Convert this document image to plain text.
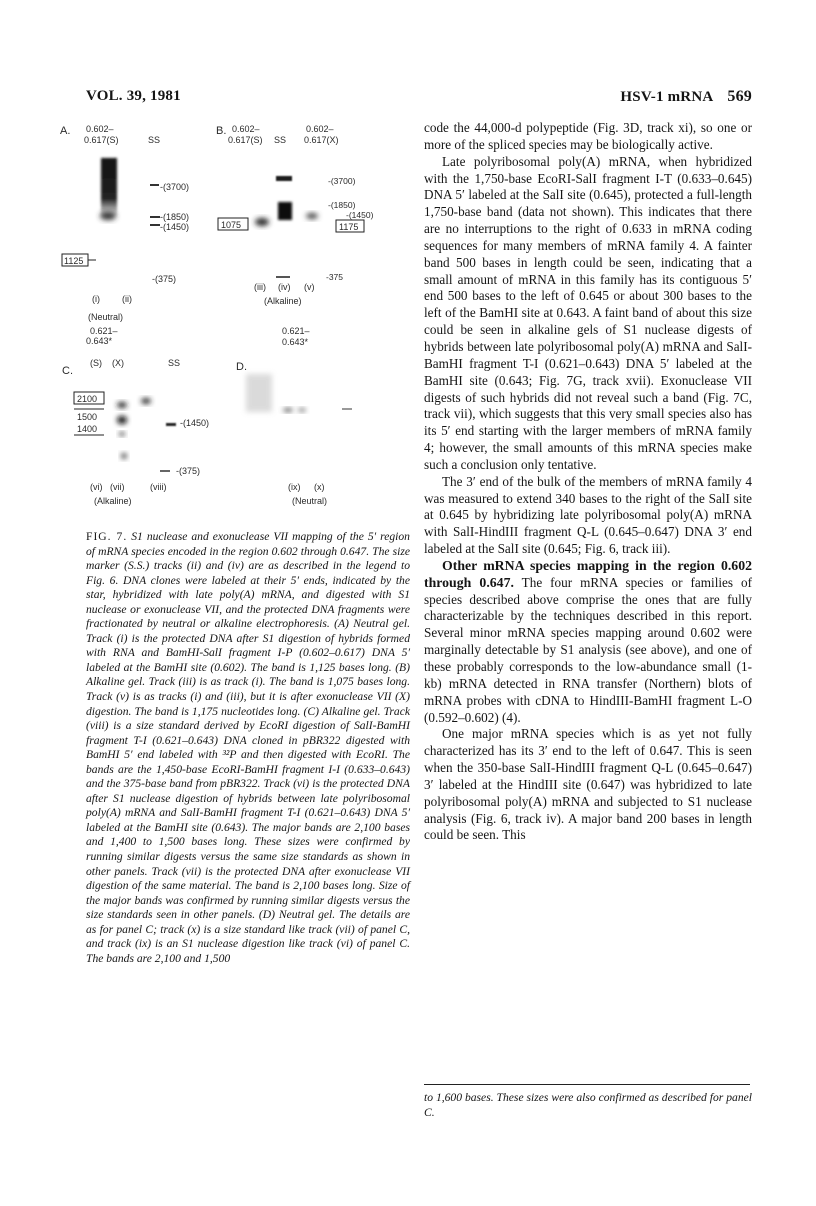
VOL. 39, 1981	HSV-1 mRNA 569
A. 0.602–
0.617(S)	SS
-(3700)
-(1850)
-(1450)
-(375)
1125
(i) (ii)
(Neutral)
B. 0.602–
0.617(S) SS
0.602–
0.617(X)
-(3700)
-(1850)
-(1450)
-375
1075	1175
(iii) (iv) (v)
(Alkaline)
0.621–
0.643*
C.
(S) (X)	SS
2100
1500
1400
-(1450)
-(375)
(vi) (vii)	(viii)
(Alkaline)
0.621–
0.643*
D.
(ix) (x)
(Neutral)

FIG. 7. S1 nuclease and exonuclease VII mapping of the 5′ region of mRNA species encoded in the region 0.602 through 0.647. The size marker (S.S.) tracks (ii) and (iv) are as described in the legend to Fig. 6. DNA clones were labeled at their 5′ ends, indicated by the star, hybridized with late poly(A) mRNA, and digested with S1 nuclease or exonuclease VII, and the protected DNA fragments were fractionated by neutral or alkaline electrophoresis. (A) Neutral gel. Track (i) is the protected DNA after S1 digestion of hybrids formed with RNA and BamHI-SalI fragment I-P (0.602–0.617) DNA 5′ labeled at the BamHI site (0.602). The band is 1,125 bases long. (B) Alkaline gel. Track (iii) is as track (i). The band is 1,075 bases long. Track (v) is as tracks (i) and (iii), but it is after exonuclease VII (X) digestion. The band is 1,175 nucleotides long. (C) Alkaline gel. Track (viii) is a size standard derived by EcoRI digestion of SalI-BamHI fragment T-I (0.621–0.643) DNA cloned in pBR322 digested with BamHI 5′ end labeled with ³²P and then digested with EcoRI. The bands are the 1,450-base EcoRI-BamHI fragment I-I (0.633–0.643) and the 375-base band from pBR322. Track (vi) is the protected DNA after S1 nuclease digestion of hybrids between late polyribosomal poly(A) mRNA and SalI-BamHI fragment T-I (0.621–0.643) DNA 5′ labeled at the BamHI site (0.643). The major bands are 2,100 bases and 1,400 to 1,500 bases long. These sizes were confirmed by running similar digests versus the same size standards as shown in other panels. Track (vii) is the protected DNA after exonuclease VII digestion of the same material. The band is 2,100 bases long. Size of the major bands was confirmed by running similar digests versus the size standards seen in other panels. (D) Neutral gel. The details are as for panel C; track (x) is a size standard like track (vii) of panel C, and track (ix) is an S1 nuclease digestion like track (vi) of panel C. The bands are 2,100 and 1,500

code the 44,000-d polypeptide (Fig. 3D, track xi), so one or more of the spliced species may be biologically active.

Late polyribosomal poly(A) mRNA, when hybridized with the 1,750-base EcoRI-SalI fragment I-T (0.633–0.645) DNA 5′ labeled at the SalI site (0.645), protected a full-length 1,750-base band (data not shown). This indicates that there are no interruptions to the right of 0.633 in mRNA coding sequences for many members of mRNA family 4. A fainter band 500 bases in length could be seen, indicating that a small amount of mRNA in this family has its contiguous 5′ end 500 bases to the left of 0.645 or about 300 bases to the left of the BamHI site at 0.643. A faint band of about this size could be seen in alkaline gels of S1 nuclease digests of hybrids between late polyribosomal poly(A) mRNA and SalI-BamHI fragment T-I (0.621–0.643) DNA 5′ labeled at the BamHI site (0.643; Fig. 7G, track xvii). Exonuclease VII digests of such hybrids did not reveal such a band (Fig. 7C, track vii), which suggests that this very small species also has its 5′ end starting with the larger members of mRNA family 4; however, the small amounts of this mRNA species make such a conclusion only tentative.

The 3′ end of the bulk of the members of mRNA family 4 was measured to extend 340 bases to the right of the SalI site at 0.645 by hybridizing late polyribosomal poly(A) mRNA with SalI-HindIII fragment Q-L (0.645–0.647) DNA 3′ end labeled at the SalI site (0.645; Fig. 6, track iii).

Other mRNA species mapping in the region 0.602 through 0.647. The four mRNA species or families of species described above comprise the ones that are fully characterizable by the techniques described in this report. Several minor mRNA species mapping around 0.602 were marginally detectable by S1 analysis (see above), and one of these probably corresponds to the low-abundance small (1-kb) mRNA detected in RNA transfer (Northern) blots of mRNA probes with cDNA to HindIII-BamHI fragment L-O (0.592–0.602) (4).

One major mRNA species which is as yet not fully characterized has its 3′ end to the left of 0.647. This is seen when the 350-base SalI-HindIII fragment Q-L (0.645–0.647) 3′ labeled at the HindIII site (0.647) was hybridized to late polyribosomal poly(A) mRNA and subjected to S1 nuclease analysis (Fig. 6, track iv). A major band 200 bases in length could be seen. This

to 1,600 bases. These sizes were also confirmed as described for panel C.
